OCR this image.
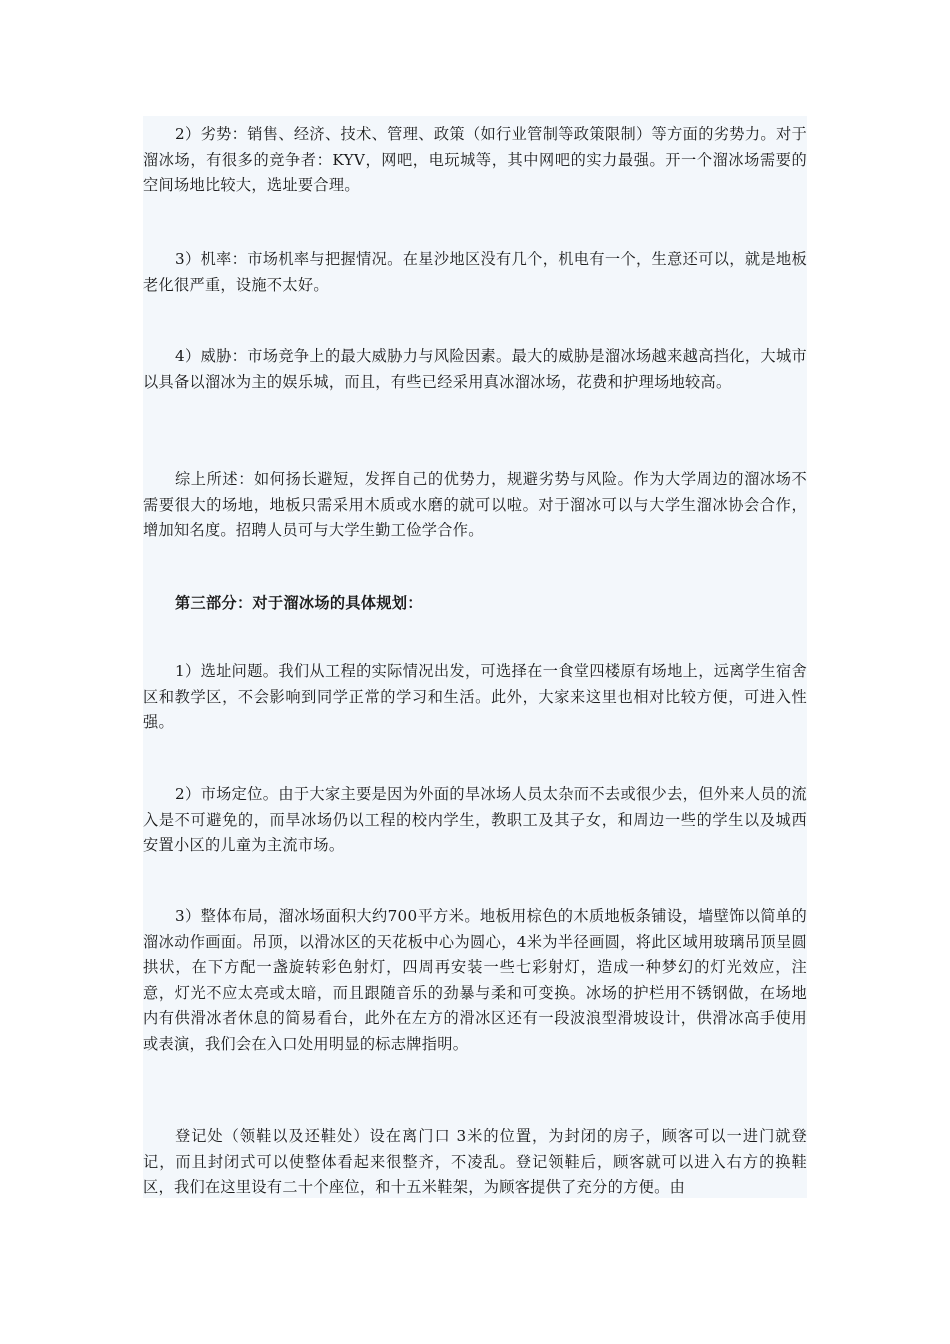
2）劣势：销售、经济、技术、管理、政策（如行业管制等政策限制）等方面的劣势力。对于溜冰场，有很多的竞争者：KYV，网吧，电玩城等，其中网吧的实力最强。开一个溜冰场需要的空间场地比较大，选址要合理。

3）机率：市场机率与把握情况。在星沙地区没有几个，机电有一个，生意还可以，就是地板老化很严重，设施不太好。

4）威胁：市场竞争上的最大威胁力与风险因素。最大的威胁是溜冰场越来越高挡化，大城市以具备以溜冰为主的娱乐城，而且，有些已经采用真冰溜冰场，花费和护理场地较高。

综上所述：如何扬长避短，发挥自己的优势力，规避劣势与风险。作为大学周边的溜冰场不需要很大的场地，地板只需采用木质或水磨的就可以啦。对于溜冰可以与大学生溜冰协会合作，增加知名度。招聘人员可与大学生勤工俭学合作。

第三部分：对于溜冰场的具体规划：

1）选址问题。我们从工程的实际情况出发，可选择在一食堂四楼原有场地上，远离学生宿舍区和教学区，不会影响到同学正常的学习和生活。此外，大家来这里也相对比较方便，可进入性强。

2）市场定位。由于大家主要是因为外面的旱冰场人员太杂而不去或很少去，但外来人员的流入是不可避免的，而旱冰场仍以工程的校内学生，教职工及其子女，和周边一些的学生以及城西安置小区的儿童为主流市场。

3）整体布局，溜冰场面积大约700平方米。地板用棕色的木质地板条铺设，墙壁饰以简单的溜冰动作画面。吊顶，以滑冰区的天花板中心为圆心，4米为半径画圆，将此区域用玻璃吊顶呈圆拱状，在下方配一盏旋转彩色射灯，四周再安装一些七彩射灯，造成一种梦幻的灯光效应，注意，灯光不应太亮或太暗，而且跟随音乐的劲暴与柔和可变换。冰场的护栏用不锈钢做，在场地内有供滑冰者休息的简易看台，此外在左方的滑冰区还有一段波浪型滑坡设计，供滑冰高手使用或表演，我们会在入口处用明显的标志牌指明。

登记处（领鞋以及还鞋处）设在离门口 3米的位置，为封闭的房子，顾客可以一进门就登记，而且封闭式可以使整体看起来很整齐，不凌乱。登记领鞋后，顾客就可以进入右方的换鞋区，我们在这里设有二十个座位，和十五米鞋架，为顾客提供了充分的方便。由
